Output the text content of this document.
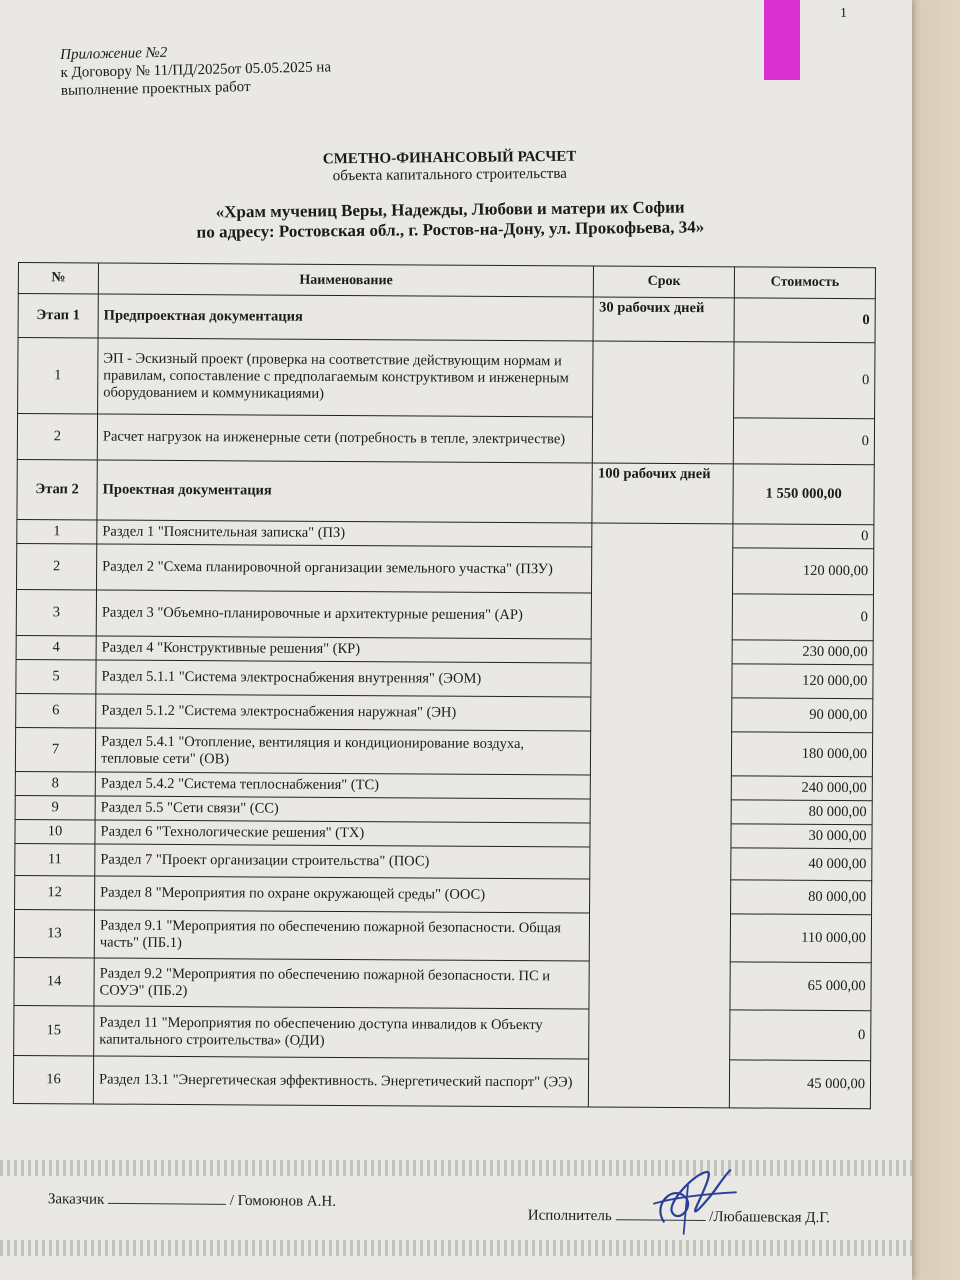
1
Приложение №2
к Договору № 11/ПД/2025от 05.05.2025 на
выполнение проектных работ
СМЕТНО-ФИНАНСОВЫЙ РАСЧЕТ
объекта капитального строительства
«Храм мучениц Веры, Надежды, Любови и матери их Софии
по адресу: Ростовская обл., г. Ростов-на-Дону, ул. Прокофьева, 34»
№	Наименование	Срок	Стоимость
Этап 1	Предпроектная документация	30 рабочих дней	0
1	ЭП - Эскизный проект (проверка на соответствие действующим нормам и правилам, сопоставление с предполагаемым конструктивом и инженерным оборудованием и коммуникациями)		0
2	Расчет нагрузок на инженерные сети (потребность в тепле, электричестве)		0
Этап 2	Проектная документация	100 рабочих дней	1 550 000,00
1	Раздел 1 "Пояснительная записка" (ПЗ)		0
2	Раздел 2 "Схема планировочной организации земельного участка" (ПЗУ)		120 000,00
3	Раздел 3 "Объемно-планировочные и архитектурные решения" (АР)		0
4	Раздел 4 "Конструктивные решения" (КР)		230 000,00
5	Раздел 5.1.1 "Система электроснабжения внутренняя" (ЭОМ)		120 000,00
6	Раздел 5.1.2 "Система электроснабжения наружная" (ЭН)		90 000,00
7	Раздел 5.4.1 "Отопление, вентиляция и кондиционирование воздуха, тепловые сети" (ОВ)		180 000,00
8	Раздел 5.4.2 "Система теплоснабжения" (ТС)		240 000,00
9	Раздел 5.5 "Сети связи" (СС)		80 000,00
10	Раздел 6 "Технологические решения" (ТХ)		30 000,00
11	Раздел 7 "Проект организации строительства" (ПОС)		40 000,00
12	Раздел 8 "Мероприятия по охране окружающей среды" (ООС)		80 000,00
13	Раздел 9.1 "Мероприятия по обеспечению пожарной безопасности. Общая часть" (ПБ.1)		110 000,00
14	Раздел 9.2 "Мероприятия по обеспечению пожарной безопасности. ПС и СОУЭ" (ПБ.2)		65 000,00
15	Раздел 11 "Мероприятия по обеспечению доступа инвалидов к Объекту капитального строительства» (ОДИ)		0
16	Раздел 13.1 "Энергетическая эффективность. Энергетический паспорт" (ЭЭ)		45 000,00
Заказчик	/ Гомоюнов А.Н.
Исполнитель	/Любашевская Д.Г.
